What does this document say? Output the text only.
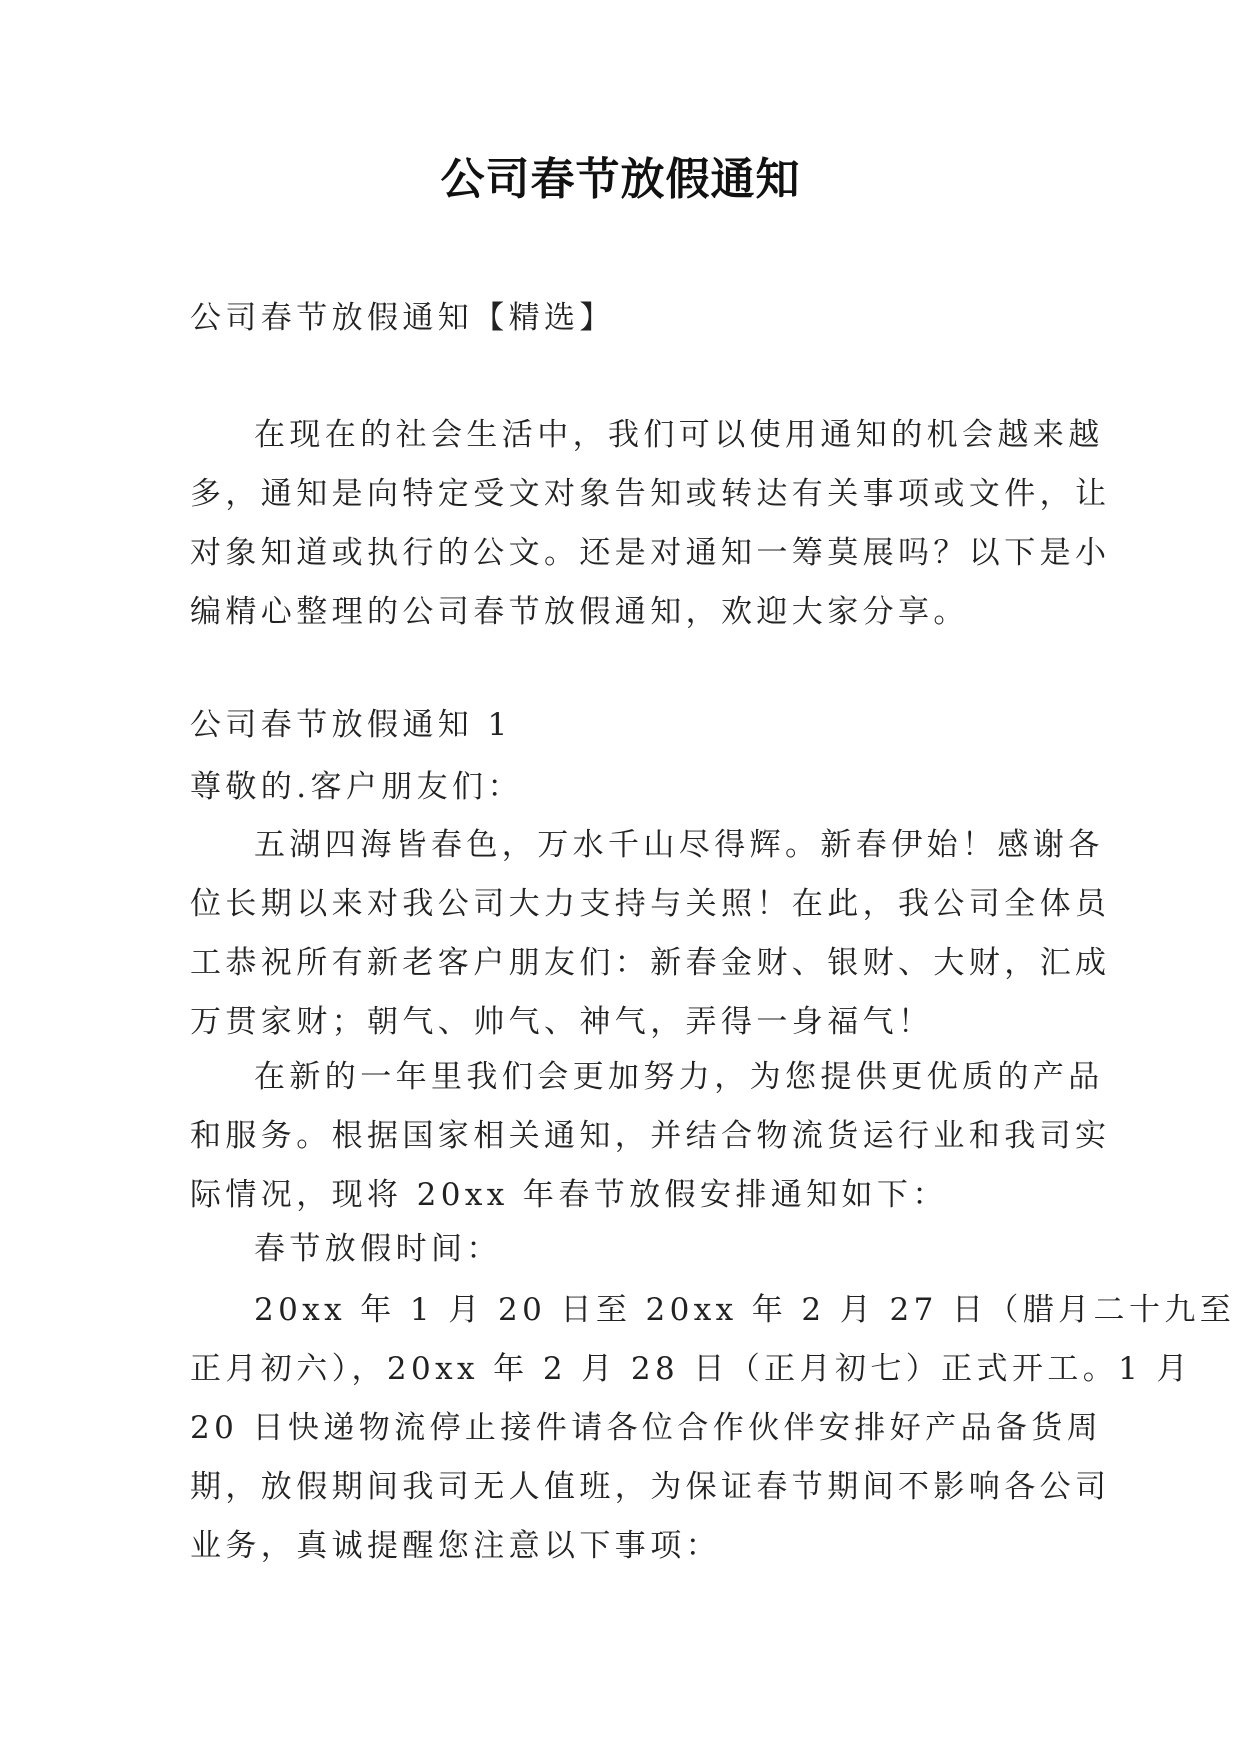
公司春节放假通知
公司春节放假通知【精选】
在现在的社会生活中，我们可以使用通知的机会越来越
多，通知是向特定受文对象告知或转达有关事项或文件，让
对象知道或执行的公文。还是对通知一筹莫展吗？以下是小
编精心整理的公司春节放假通知，欢迎大家分享。
公司春节放假通知 1
尊敬的.客户朋友们：
五湖四海皆春色，万水千山尽得辉。新春伊始！感谢各
位长期以来对我公司大力支持与关照！在此，我公司全体员
工恭祝所有新老客户朋友们：新春金财、银财、大财，汇成
万贯家财；朝气、帅气、神气，弄得一身福气！
在新的一年里我们会更加努力，为您提供更优质的产品
和服务。根据国家相关通知，并结合物流货运行业和我司实
际情况，现将 20xx 年春节放假安排通知如下：
春节放假时间：
20xx 年 1 月 20 日至 20xx 年 2 月 27 日（腊月二十九至
正月初六），20xx 年 2 月 28 日（正月初七）正式开工。1 月
20 日快递物流停止接件请各位合作伙伴安排好产品备货周
期，放假期间我司无人值班，为保证春节期间不影响各公司
业务，真诚提醒您注意以下事项：
